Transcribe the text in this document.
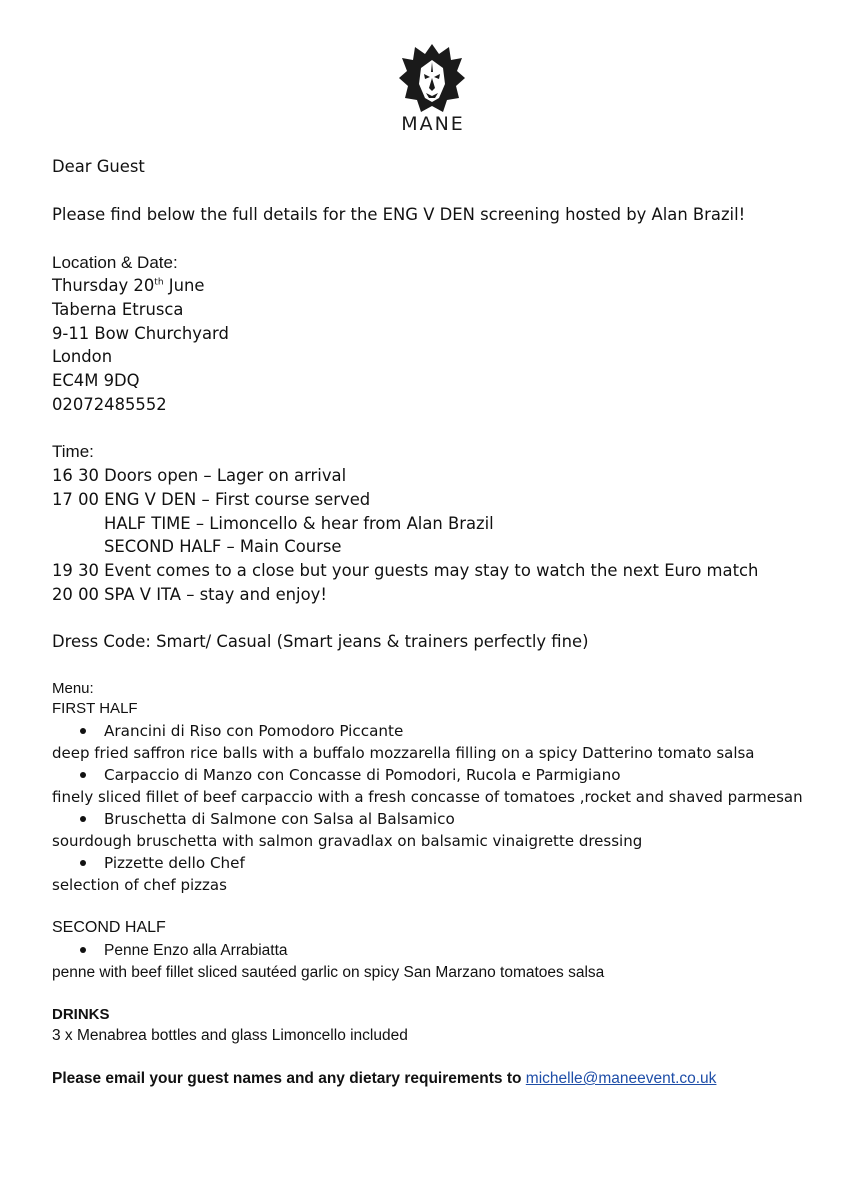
MANE
Dear Guest
Please find below the full details for the ENG V DEN screening hosted by Alan Brazil!
Location & Date:
Thursday 20th June
Taberna Etrusca
9-11 Bow Churchyard
London
EC4M 9DQ
02072485552
Time:
16 30 Doors open – Lager on arrival
17 00 ENG V DEN – First course served
HALF TIME – Limoncello & hear from Alan Brazil
SECOND HALF – Main Course
19 30 Event comes to a close but your guests may stay to watch the next Euro match
20 00 SPA V ITA – stay and enjoy!
Dress Code: Smart/ Casual (Smart jeans & trainers perfectly fine)
Menu:
FIRST HALF
Arancini di Riso con Pomodoro Piccante
deep fried saffron rice balls with a buffalo mozzarella filling on a spicy Datterino tomato salsa
Carpaccio di Manzo con Concasse di Pomodori, Rucola e Parmigiano
finely sliced fillet of beef carpaccio with a fresh concasse of tomatoes ,rocket and shaved parmesan
Bruschetta di Salmone con Salsa al Balsamico
sourdough bruschetta with salmon gravadlax on balsamic vinaigrette dressing
Pizzette dello Chef
selection of chef pizzas
SECOND HALF
Penne Enzo alla Arrabiatta
penne with beef fillet sliced sautéed garlic on spicy San Marzano tomatoes salsa
DRINKS
3 x Menabrea bottles and glass Limoncello included
Please email your guest names and any dietary requirements to michelle@maneevent.co.uk
